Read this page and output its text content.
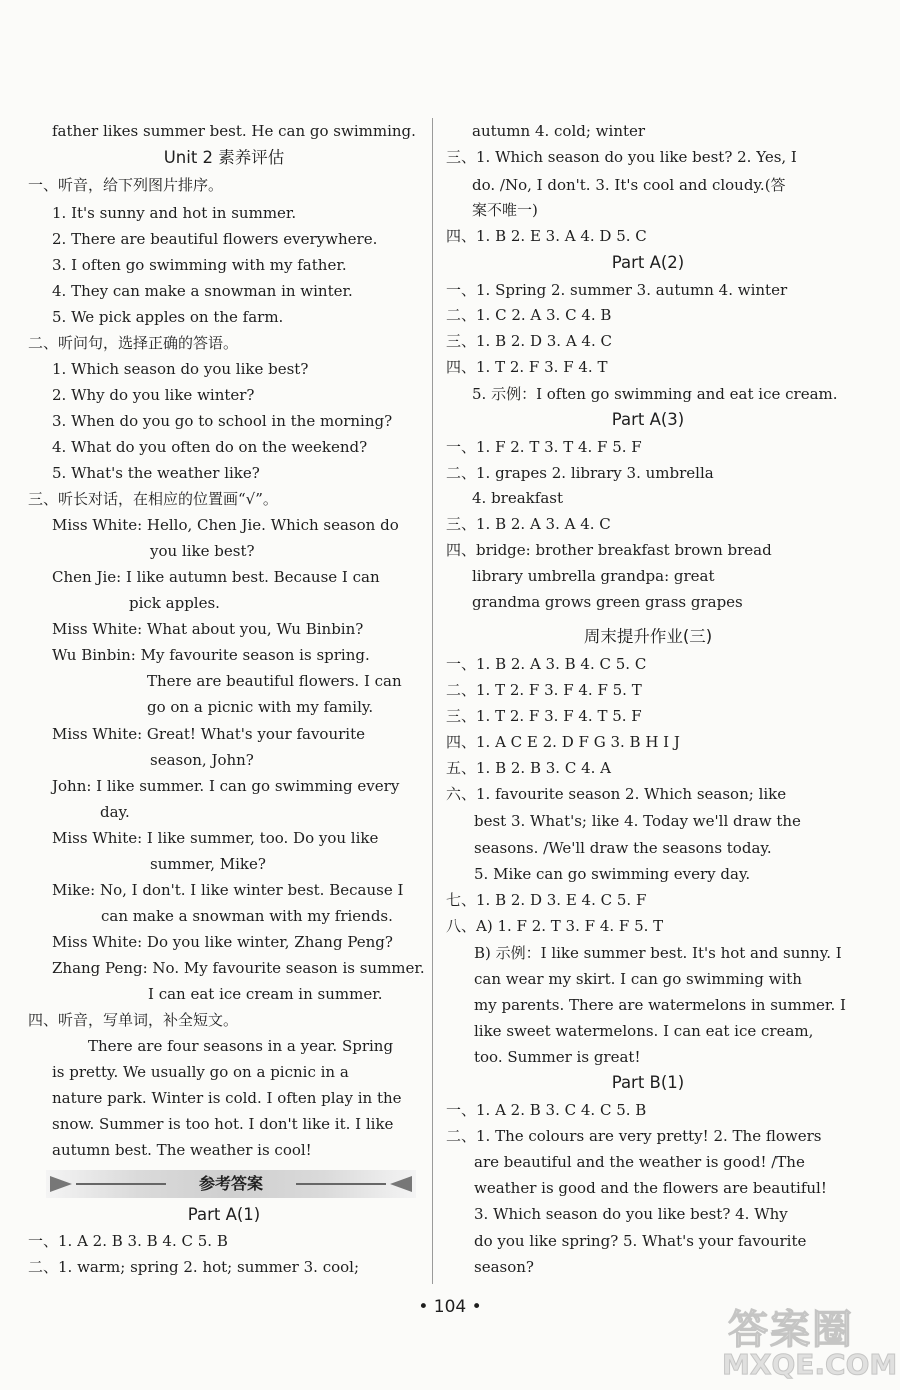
father likes summer best. He can go swimming.
Unit 2 素养评估
一、听音，给下列图片排序。
1. It's sunny and hot in summer.
2. There are beautiful flowers everywhere.
3. I often go swimming with my father.
4. They can make a snowman in winter.
5. We pick apples on the farm.
二、听问句，选择正确的答语。
1. Which season do you like best?
2. Why do you like winter?
3. When do you go to school in the morning?
4. What do you often do on the weekend?
5. What's the weather like?
三、听长对话，在相应的位置画“√”。
Miss White: Hello, Chen Jie. Which season do
you like best?
Chen Jie: I like autumn best. Because I can
pick apples.
Miss White: What about you, Wu Binbin?
Wu Binbin: My favourite season is spring.
There are beautiful flowers. I can
go on a picnic with my family.
Miss White: Great! What's your favourite
season, John?
John: I like summer. I can go swimming every
day.
Miss White: I like summer, too. Do you like
summer, Mike?
Mike: No, I don't. I like winter best. Because I
can make a snowman with my friends.
Miss White: Do you like winter, Zhang Peng?
Zhang Peng: No. My favourite season is summer.
I can eat ice cream in summer.
四、听音，写单词，补全短文。
There are four seasons in a year. Spring
is pretty. We usually go on a picnic in a
nature park. Winter is cold. I often play in the
snow. Summer is too hot. I don't like it. I like
autumn best. The weather is cool!
参考答案
Part A(1)
一、1. A 2. B 3. B 4. C 5. B
二、1. warm; spring 2. hot; summer 3. cool;
autumn 4. cold; winter
三、1. Which season do you like best? 2. Yes, I
do. /No, I don't. 3. It's cool and cloudy.(答
案不唯一)
四、1. B 2. E 3. A 4. D 5. C
Part A(2)
一、1. Spring 2. summer 3. autumn 4. winter
二、1. C 2. A 3. C 4. B
三、1. B 2. D 3. A 4. C
四、1. T 2. F 3. F 4. T
5. 示例：I often go swimming and eat ice cream.
Part A(3)
一、1. F 2. T 3. T 4. F 5. F
二、1. grapes 2. library 3. umbrella
4. breakfast
三、1. B 2. A 3. A 4. C
四、bridge: brother breakfast brown bread
library umbrella grandpa: great
grandma grows green grass grapes
周末提升作业(三)
一、1. B 2. A 3. B 4. C 5. C
二、1. T 2. F 3. F 4. F 5. T
三、1. T 2. F 3. F 4. T 5. F
四、1. A C E 2. D F G 3. B H I J
五、1. B 2. B 3. C 4. A
六、1. favourite season 2. Which season; like
best 3. What's; like 4. Today we'll draw the
seasons. /We'll draw the seasons today.
5. Mike can go swimming every day.
七、1. B 2. D 3. E 4. C 5. F
八、A) 1. F 2. T 3. F 4. F 5. T
B) 示例：I like summer best. It's hot and sunny. I
can wear my skirt. I can go swimming with
my parents. There are watermelons in summer. I
like sweet watermelons. I can eat ice cream,
too. Summer is great!
Part B(1)
一、1. A 2. B 3. C 4. C 5. B
二、1. The colours are very pretty! 2. The flowers
are beautiful and the weather is good! /The
weather is good and the flowers are beautiful!
3. Which season do you like best? 4. Why
do you like spring? 5. What's your favourite
season?
• 104 •	答案圈
MXQE.COM
